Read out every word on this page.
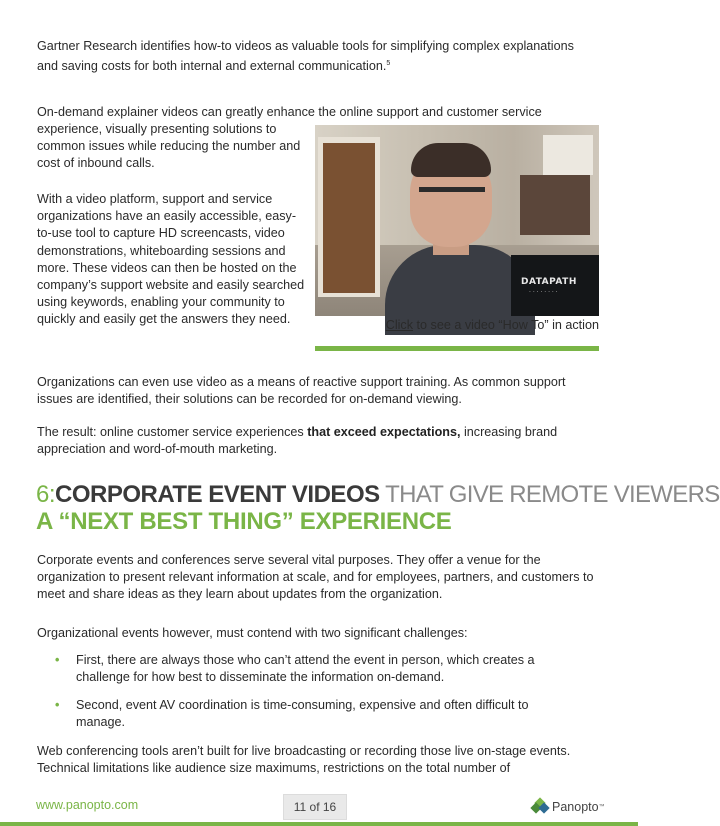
Gartner Research identifies how-to videos as valuable tools for simplifying complex explanations and saving costs for both internal and external communication.$^5$

On-demand explainer videos can greatly enhance the online support and customer service

experience, visually presenting solutions to common issues while reducing the number and cost of inbound calls.

With a video platform, support and service organizations have an easily accessible, easy-to-use tool to capture HD screencasts, video demonstrations, whiteboarding sessions and more. These videos can then be hosted on the company’s support website and easily searched using keywords, enabling your community to quickly and easily get the answers they need.

DATAPATH
· · · · · · · ·
Click to see a video “How To” in action

Organizations can even use video as a means of reactive support training. As common support issues are identified, their solutions can be recorded for on-demand viewing.

The result: online customer service experiences that exceed expectations, increasing brand appreciation and word-of-mouth marketing.

6:CORPORATE EVENT VIDEOS THAT GIVE REMOTE VIEWERS
A “NEXT BEST THING” EXPERIENCE

Corporate events and conferences serve several vital purposes. They offer a venue for the organization to present relevant information at scale, and for employees, partners, and customers to meet and share ideas as they learn about updates from the organization.

Organizational events however, must contend with two significant challenges:

•	First, there are always those who can’t attend the event in person, which creates a challenge for how best to disseminate the information on-demand.
•	Second, event AV coordination is time-consuming, expensive and often difficult to manage.

Web conferencing tools aren’t built for live broadcasting or recording those live on-stage events. Technical limitations like audience size maximums, restrictions on the total number of

www.panopto.com	11 of 16	Panopto ™
